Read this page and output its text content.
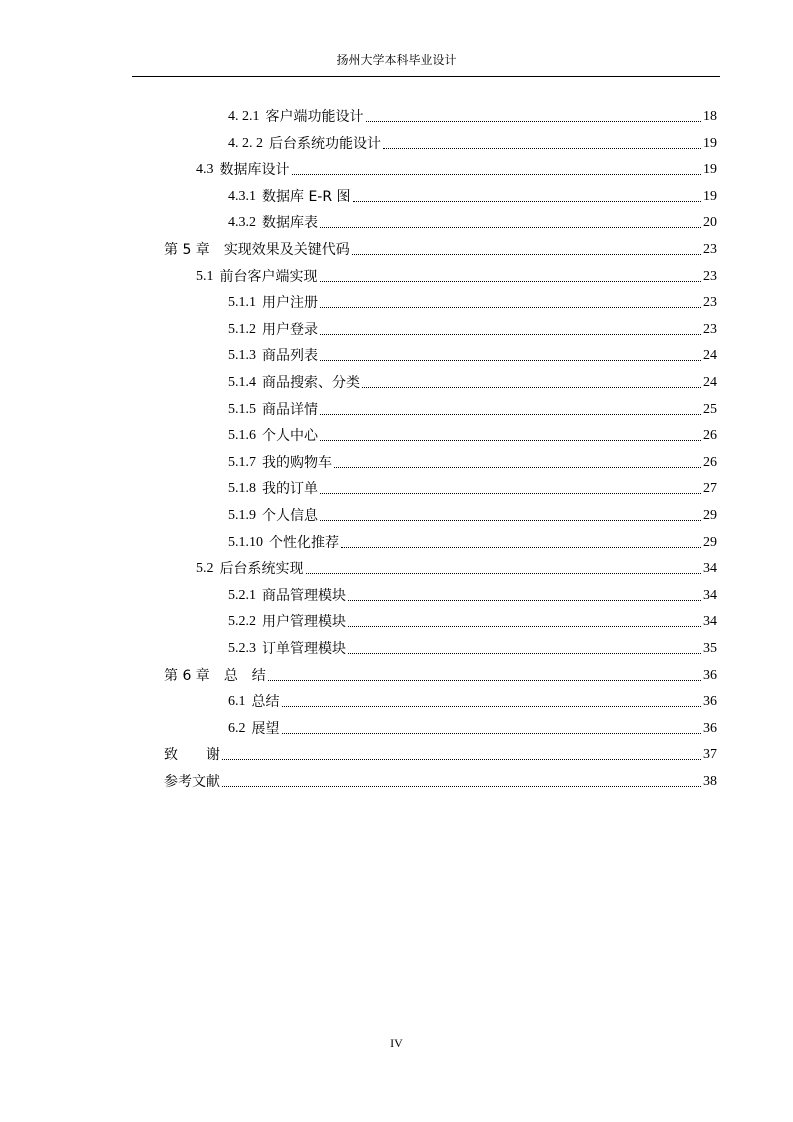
扬州大学本科毕业设计
4. 2.1 客户端功能设计	18
4. 2. 2 后台系统功能设计	19
4.3 数据库设计	19
4.3.1 数据库 E-R 图	19
4.3.2 数据库表	20
第 5 章 实现效果及关键代码	23
5.1 前台客户端实现	23
5.1.1 用户注册	23
5.1.2 用户登录	23
5.1.3 商品列表	24
5.1.4 商品搜索、分类	24
5.1.5 商品详情	25
5.1.6 个人中心	26
5.1.7 我的购物车	26
5.1.8 我的订单	27
5.1.9 个人信息	29
5.1.10 个性化推荐	29
5.2 后台系统实现	34
5.2.1 商品管理模块	34
5.2.2 用户管理模块	34
5.2.3 订单管理模块	35
第 6 章 总　结	36
6.1 总结	36
6.2 展望	36
致　　谢	37
参考文献	38
IV
